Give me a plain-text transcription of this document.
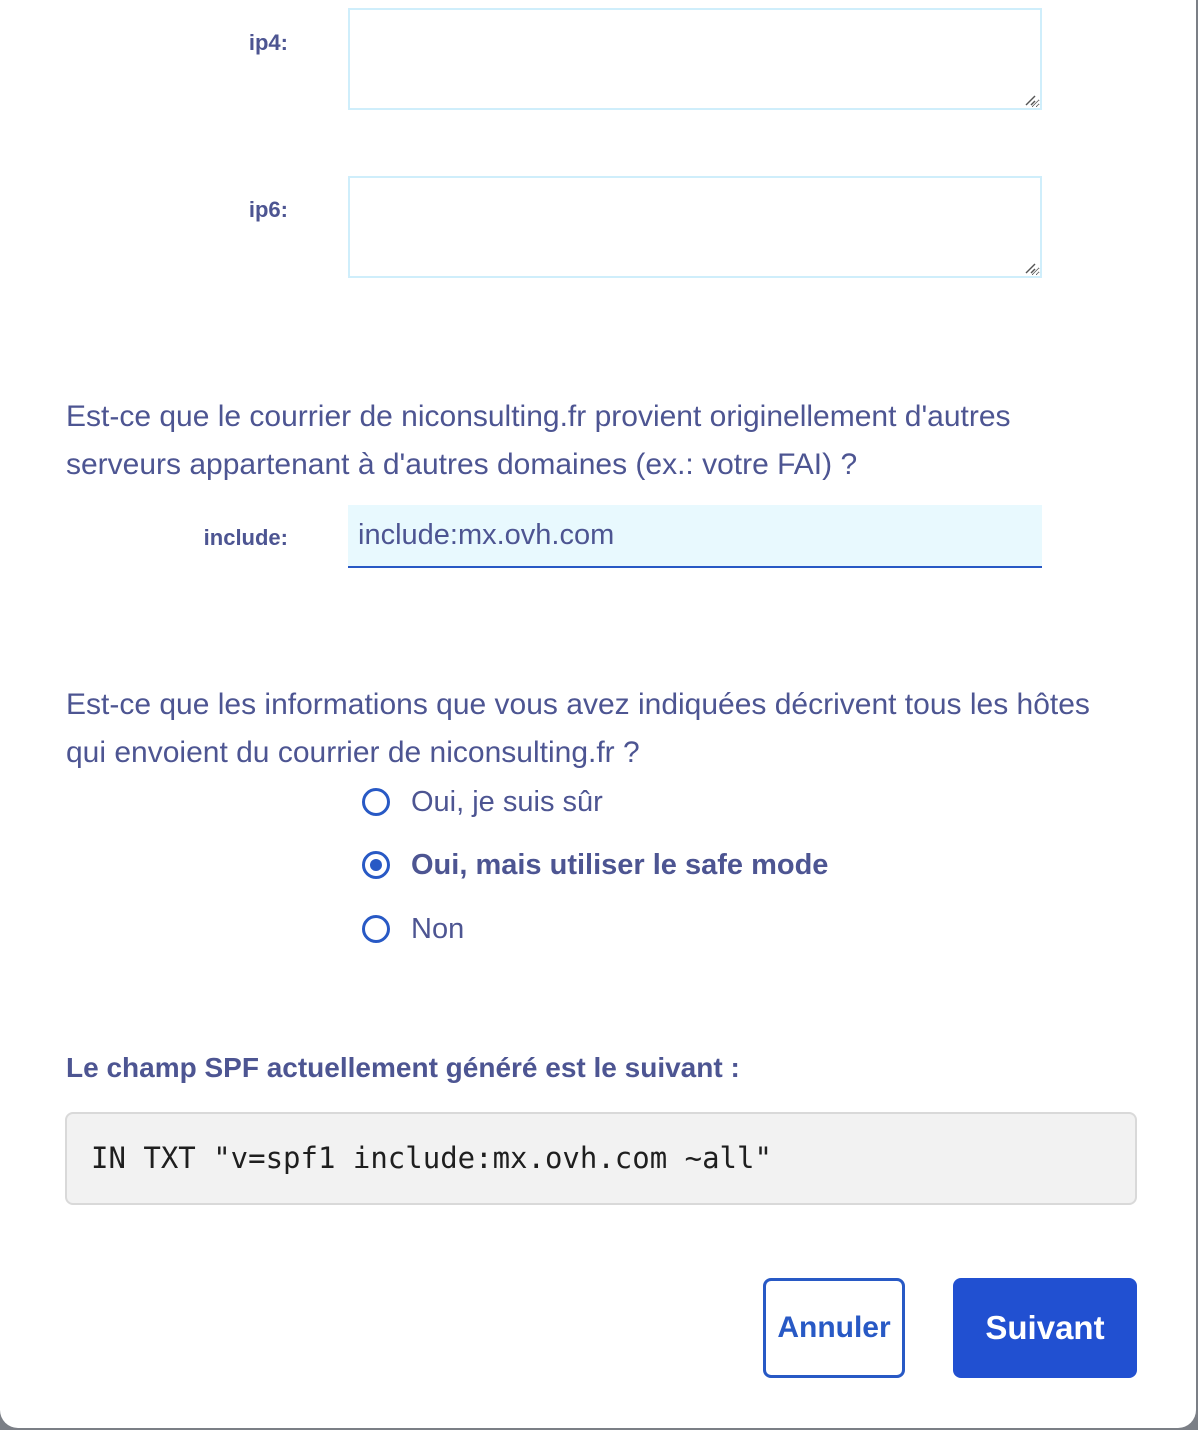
ip4:
ip6:
Est-ce que le courrier de niconsulting.fr provient originellement d'autres serveurs appartenant à d'autres domaines (ex.: votre FAI) ?
include:
include:mx.ovh.com
Est-ce que les informations que vous avez indiquées décrivent tous les hôtes qui envoient du courrier de niconsulting.fr ?
Oui, je suis sûr
Oui, mais utiliser le safe mode
Non
Le champ SPF actuellement généré est le suivant :
IN TXT "v=spf1 include:mx.ovh.com ~all"
Annuler	Suivant
